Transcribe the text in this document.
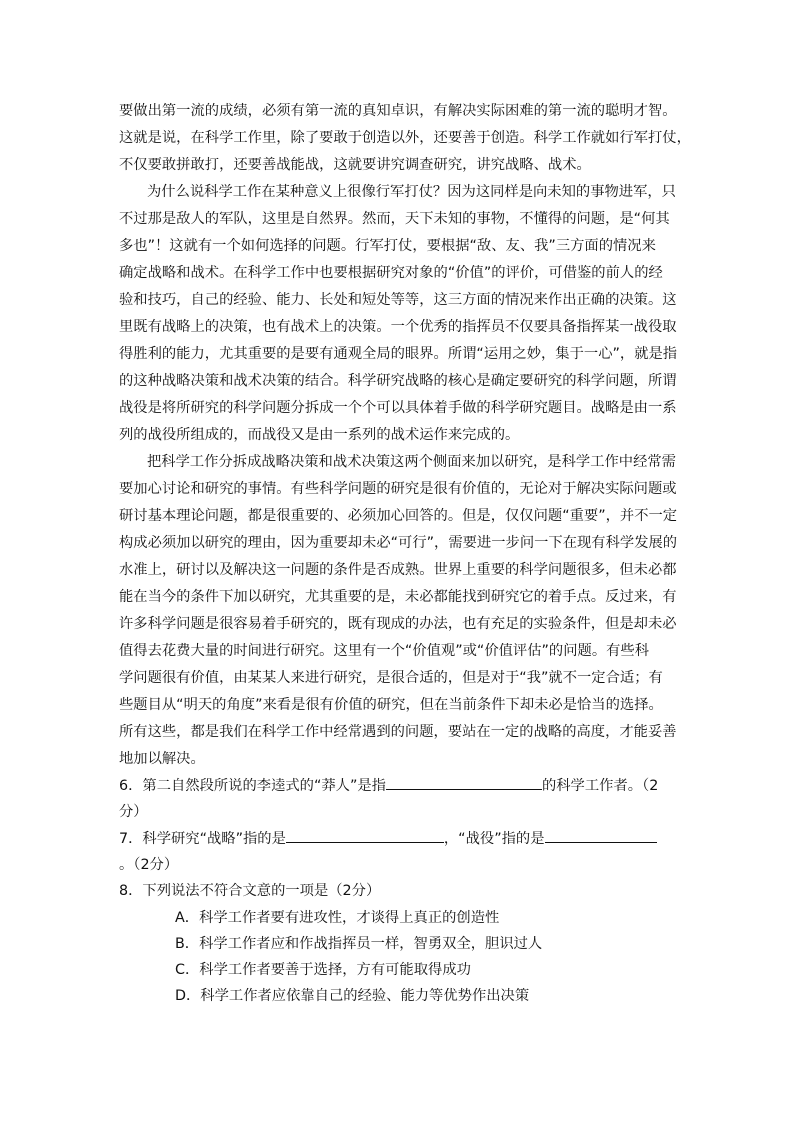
要做出第一流的成绩，必须有第一流的真知卓识，有解决实际困难的第一流的聪明才智。
这就是说，在科学工作里，除了要敢于创造以外，还要善于创造。科学工作就如行军打仗，
不仅要敢拼敢打，还要善战能战，这就要讲究调查研究，讲究战略、战术。
为什么说科学工作在某种意义上很像行军打仗？因为这同样是向未知的事物进军，只
不过那是敌人的军队，这里是自然界。然而，天下未知的事物，不懂得的问题，是“何其
多也”！这就有一个如何选择的问题。行军打仗，要根据“敌、友、我”三方面的情况来
确定战略和战术。在科学工作中也要根据研究对象的“价值”的评价，可借鉴的前人的经
验和技巧，自己的经验、能力、长处和短处等等，这三方面的情况来作出正确的决策。这
里既有战略上的决策，也有战术上的决策。一个优秀的指挥员不仅要具备指挥某一战役取
得胜利的能力，尤其重要的是要有通观全局的眼界。所谓“运用之妙，集于一心”，就是指
的这种战略决策和战术决策的结合。科学研究战略的核心是确定要研究的科学问题，所谓
战役是将所研究的科学问题分拆成一个个可以具体着手做的科学研究题目。战略是由一系
列的战役所组成的，而战役又是由一系列的战术运作来完成的。
把科学工作分拆成战略决策和战术决策这两个侧面来加以研究，是科学工作中经常需
要加心讨论和研究的事情。有些科学问题的研究是很有价值的，无论对于解决实际问题或
研讨基本理论问题，都是很重要的、必须加心回答的。但是，仅仅问题“重要”，并不一定
构成必须加以研究的理由，因为重要却未必“可行”，需要进一步问一下在现有科学发展的
水准上，研讨以及解决这一问题的条件是否成熟。世界上重要的科学问题很多，但未必都
能在当今的条件下加以研究，尤其重要的是，未必都能找到研究它的着手点。反过来，有
许多科学问题是很容易着手研究的，既有现成的办法，也有充足的实验条件，但是却未必
值得去花费大量的时间进行研究。这里有一个“价值观”或“价值评估”的问题。有些科
学问题很有价值，由某某人来进行研究，是很合适的，但是对于“我”就不一定合适；有
些题目从“明天的角度”来看是很有价值的研究，但在当前条件下却未必是恰当的选择。
所有这些，都是我们在科学工作中经常遇到的问题，要站在一定的战略的高度，才能妥善
地加以解决。
6．第二自然段所说的李逵式的“莽人”是指	的科学工作者。（2
分）
7．科学研究“战略”指的是	，“战役”指的是
。（2分）
8．下列说法不符合文意的一项是（2分）
A．科学工作者要有进攻性，才谈得上真正的创造性
B．科学工作者应和作战指挥员一样，智勇双全，胆识过人
C．科学工作者要善于选择，方有可能取得成功
D．科学工作者应依靠自己的经验、能力等优势作出决策
